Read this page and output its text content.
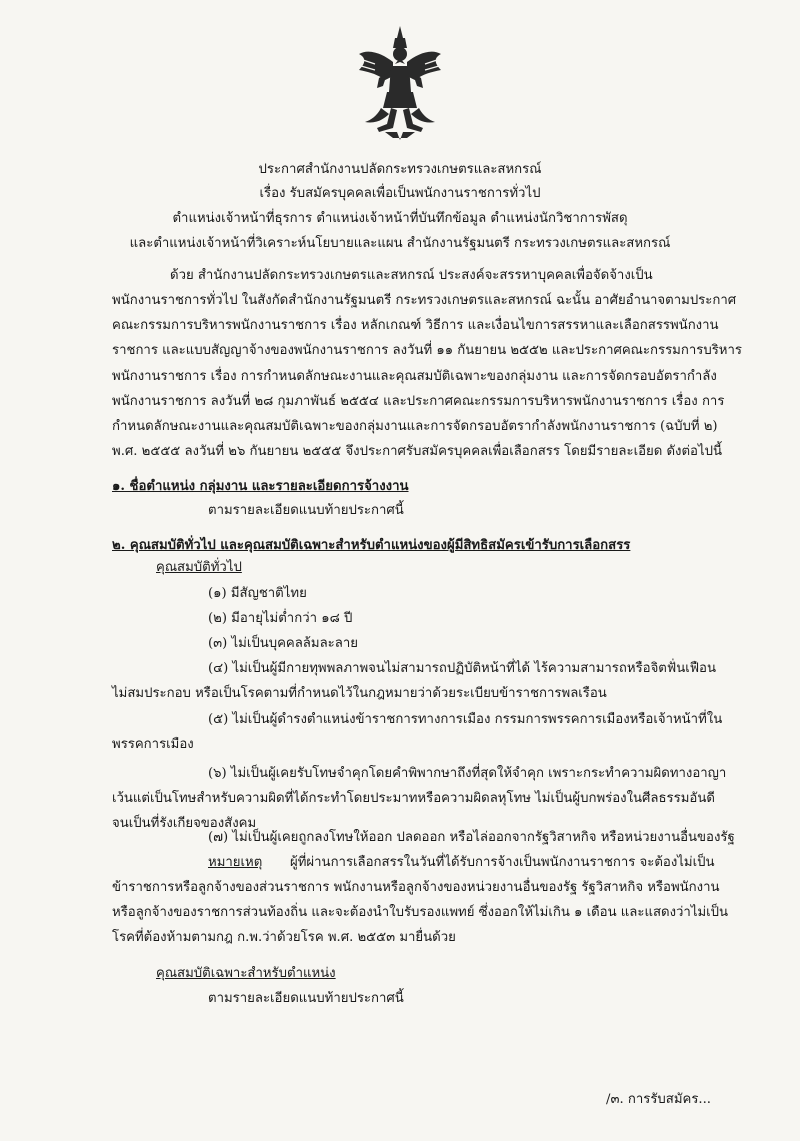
ประกาศสำนักงานปลัดกระทรวงเกษตรและสหกรณ์
เรื่อง รับสมัครบุคคลเพื่อเป็นพนักงานราชการทั่วไป
ตำแหน่งเจ้าหน้าที่ธุรการ ตำแหน่งเจ้าหน้าที่บันทึกข้อมูล ตำแหน่งนักวิชาการพัสดุ
และตำแหน่งเจ้าหน้าที่วิเคราะห์นโยบายและแผน สำนักงานรัฐมนตรี กระทรวงเกษตรและสหกรณ์
ด้วย สำนักงานปลัดกระทรวงเกษตรและสหกรณ์ ประสงค์จะสรรหาบุคคลเพื่อจัดจ้างเป็น
พนักงานราชการทั่วไป ในสังกัดสำนักงานรัฐมนตรี กระทรวงเกษตรและสหกรณ์ ฉะนั้น อาศัยอำนาจตามประกาศ
คณะกรรมการบริหารพนักงานราชการ เรื่อง หลักเกณฑ์ วิธีการ และเงื่อนไขการสรรหาและเลือกสรรพนักงาน
ราชการ และแบบสัญญาจ้างของพนักงานราชการ ลงวันที่ ๑๑ กันยายน ๒๕๕๒ และประกาศคณะกรรมการบริหาร
พนักงานราชการ เรื่อง การกำหนดลักษณะงานและคุณสมบัติเฉพาะของกลุ่มงาน และการจัดกรอบอัตรากำลัง
พนักงานราชการ ลงวันที่ ๒๘ กุมภาพันธ์ ๒๕๕๔ และประกาศคณะกรรมการบริหารพนักงานราชการ เรื่อง การ
กำหนดลักษณะงานและคุณสมบัติเฉพาะของกลุ่มงานและการจัดกรอบอัตรากำลังพนักงานราชการ (ฉบับที่ ๒)
พ.ศ. ๒๕๕๕ ลงวันที่ ๒๖ กันยายน ๒๕๕๕ จึงประกาศรับสมัครบุคคลเพื่อเลือกสรร โดยมีรายละเอียด ดังต่อไปนี้
๑. ชื่อตำแหน่ง กลุ่มงาน และรายละเอียดการจ้างงาน
ตามรายละเอียดแนบท้ายประกาศนี้
๒. คุณสมบัติทั่วไป และคุณสมบัติเฉพาะสำหรับตำแหน่งของผู้มีสิทธิสมัครเข้ารับการเลือกสรร
คุณสมบัติทั่วไป
(๑) มีสัญชาติไทย
(๒) มีอายุไม่ต่ำกว่า ๑๘ ปี
(๓) ไม่เป็นบุคคลล้มละลาย
(๔) ไม่เป็นผู้มีกายทุพพลภาพจนไม่สามารถปฏิบัติหน้าที่ได้ ไร้ความสามารถหรือจิตฟั่นเฟือน
ไม่สมประกอบ หรือเป็นโรคตามที่กำหนดไว้ในกฎหมายว่าด้วยระเบียบข้าราชการพลเรือน
(๕) ไม่เป็นผู้ดำรงตำแหน่งข้าราชการทางการเมือง กรรมการพรรคการเมืองหรือเจ้าหน้าที่ใน
พรรคการเมือง
(๖) ไม่เป็นผู้เคยรับโทษจำคุกโดยคำพิพากษาถึงที่สุดให้จำคุก เพราะกระทำความผิดทางอาญา
เว้นแต่เป็นโทษสำหรับความผิดที่ได้กระทำโดยประมาทหรือความผิดลหุโทษ ไม่เป็นผู้บกพร่องในศีลธรรมอันดี
จนเป็นที่รังเกียจของสังคม
(๗) ไม่เป็นผู้เคยถูกลงโทษให้ออก ปลดออก หรือไล่ออกจากรัฐวิสาหกิจ หรือหน่วยงานอื่นของรัฐ
หมายเหตุ ผู้ที่ผ่านการเลือกสรรในวันที่ได้รับการจ้างเป็นพนักงานราชการ จะต้องไม่เป็น
ข้าราชการหรือลูกจ้างของส่วนราชการ พนักงานหรือลูกจ้างของหน่วยงานอื่นของรัฐ รัฐวิสาหกิจ หรือพนักงาน
หรือลูกจ้างของราชการส่วนท้องถิ่น และจะต้องนำใบรับรองแพทย์ ซึ่งออกให้ไม่เกิน ๑ เดือน และแสดงว่าไม่เป็น
โรคที่ต้องห้ามตามกฎ ก.พ.ว่าด้วยโรค พ.ศ. ๒๕๕๓ มายื่นด้วย
คุณสมบัติเฉพาะสำหรับตำแหน่ง
ตามรายละเอียดแนบท้ายประกาศนี้
/๓. การรับสมัคร...
